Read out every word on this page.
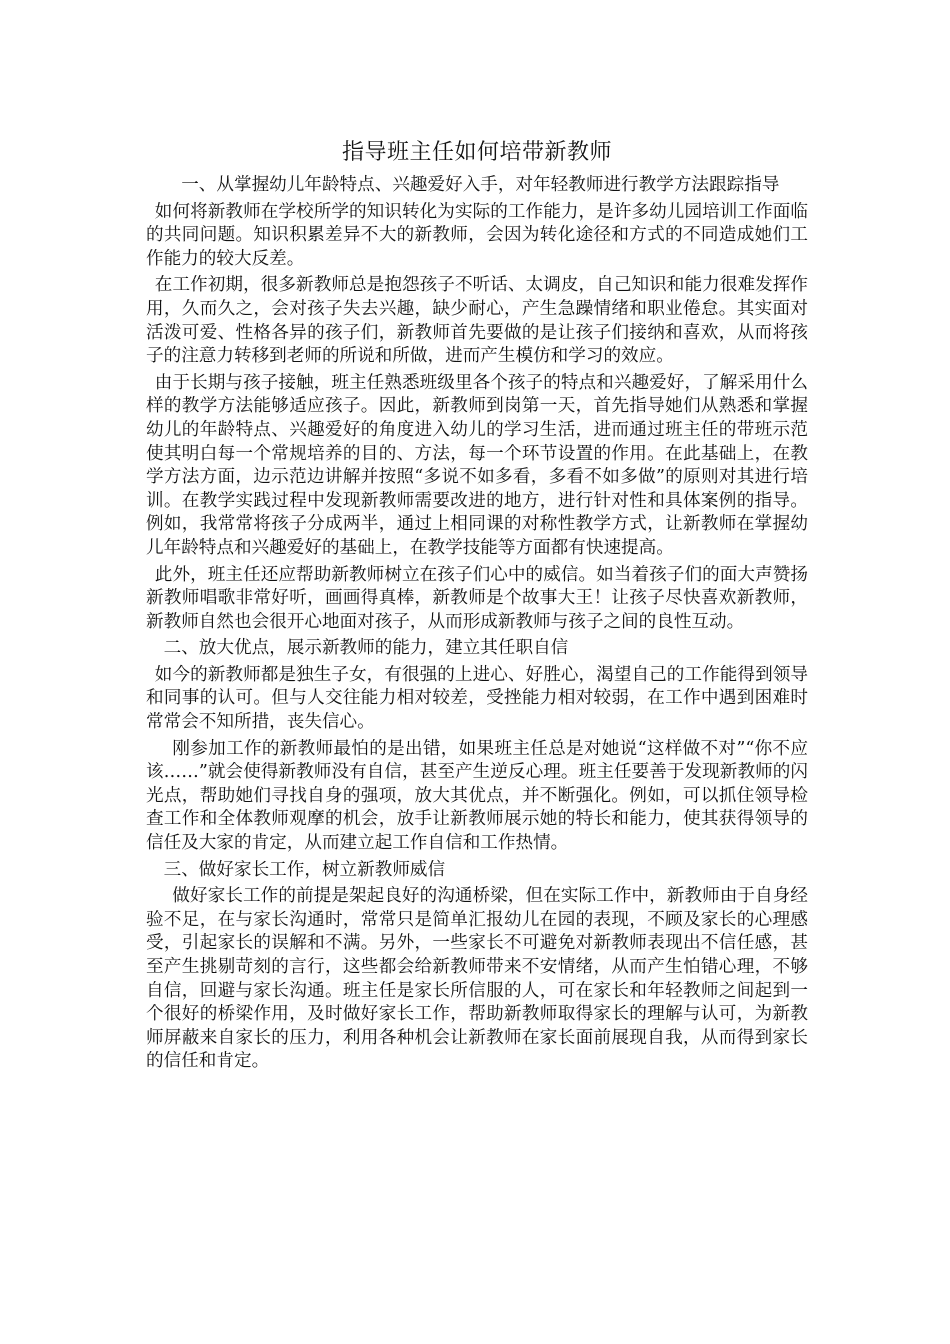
指导班主任如何培带新教师

一、从掌握幼儿年龄特点、兴趣爱好入手，对年轻教师进行教学方法跟踪指导

如何将新教师在学校所学的知识转化为实际的工作能力，是许多幼儿园培训工作面临的共同问题。知识积累差异不大的新教师，会因为转化途径和方式的不同造成她们工作能力的较大反差。

在工作初期，很多新教师总是抱怨孩子不听话、太调皮，自己知识和能力很难发挥作用，久而久之，会对孩子失去兴趣，缺少耐心，产生急躁情绪和职业倦怠。其实面对活泼可爱、性格各异的孩子们，新教师首先要做的是让孩子们接纳和喜欢，从而将孩子的注意力转移到老师的所说和所做，进而产生模仿和学习的效应。

由于长期与孩子接触，班主任熟悉班级里各个孩子的特点和兴趣爱好，了解采用什么样的教学方法能够适应孩子。因此，新教师到岗第一天，首先指导她们从熟悉和掌握幼儿的年龄特点、兴趣爱好的角度进入幼儿的学习生活，进而通过班主任的带班示范使其明白每一个常规培养的目的、方法，每一个环节设置的作用。在此基础上，在教学方法方面，边示范边讲解并按照“多说不如多看，多看不如多做”的原则对其进行培训。在教学实践过程中发现新教师需要改进的地方，进行针对性和具体案例的指导。例如，我常常将孩子分成两半，通过上相同课的对称性教学方式，让新教师在掌握幼儿年龄特点和兴趣爱好的基础上，在教学技能等方面都有快速提高。

此外，班主任还应帮助新教师树立在孩子们心中的威信。如当着孩子们的面大声赞扬新教师唱歌非常好听，画画得真棒，新教师是个故事大王！让孩子尽快喜欢新教师，新教师自然也会很开心地面对孩子，从而形成新教师与孩子之间的良性互动。

二、放大优点，展示新教师的能力，建立其任职自信

如今的新教师都是独生子女，有很强的上进心、好胜心，渴望自己的工作能得到领导和同事的认可。但与人交往能力相对较差，受挫能力相对较弱，在工作中遇到困难时常常会不知所措，丧失信心。

刚参加工作的新教师最怕的是出错，如果班主任总是对她说“这样做不对”“你不应该……”就会使得新教师没有自信，甚至产生逆反心理。班主任要善于发现新教师的闪光点，帮助她们寻找自身的强项，放大其优点，并不断强化。例如，可以抓住领导检查工作和全体教师观摩的机会，放手让新教师展示她的特长和能力，使其获得领导的信任及大家的肯定，从而建立起工作自信和工作热情。

三、做好家长工作，树立新教师威信

做好家长工作的前提是架起良好的沟通桥梁，但在实际工作中，新教师由于自身经验不足，在与家长沟通时，常常只是简单汇报幼儿在园的表现，不顾及家长的心理感受，引起家长的误解和不满。另外，一些家长不可避免对新教师表现出不信任感，甚至产生挑剔苛刻的言行，这些都会给新教师带来不安情绪，从而产生怕错心理，不够自信，回避与家长沟通。班主任是家长所信服的人，可在家长和年轻教师之间起到一个很好的桥梁作用，及时做好家长工作，帮助新教师取得家长的理解与认可，为新教师屏蔽来自家长的压力，利用各种机会让新教师在家长面前展现自我，从而得到家长的信任和肯定。
